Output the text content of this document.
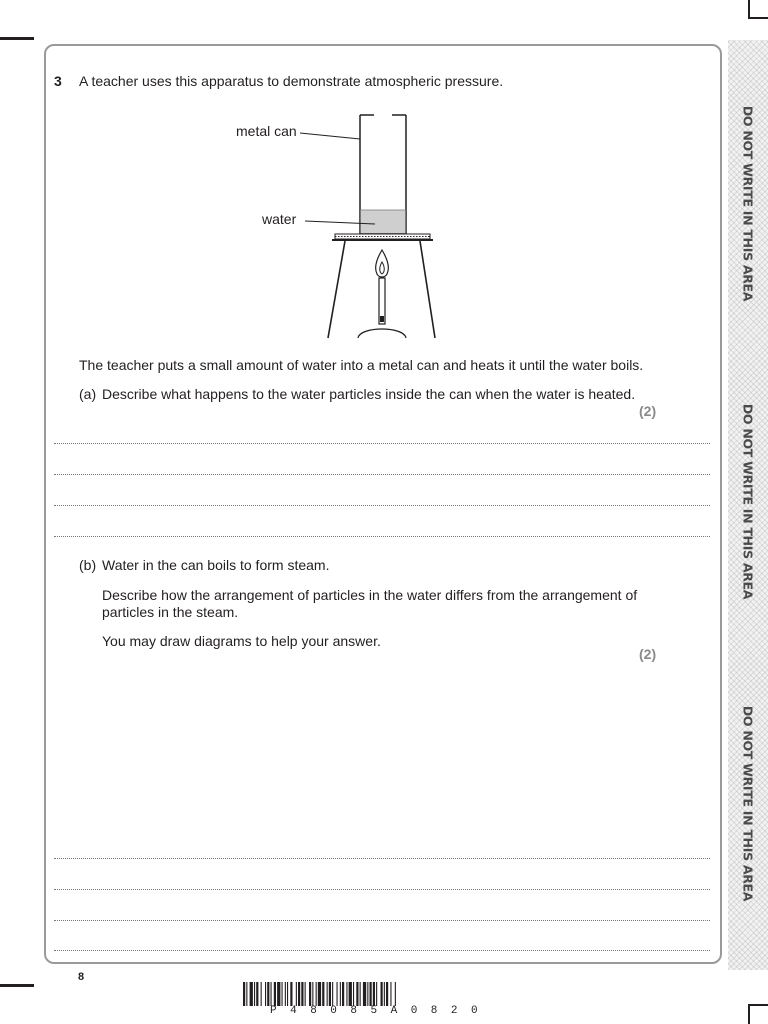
DO NOT WRITE IN THIS AREA
DO NOT WRITE IN THIS AREA
DO NOT WRITE IN THIS AREA
3 A teacher uses this apparatus to demonstrate atmospheric pressure.
metal can
water
The teacher puts a small amount of water into a metal can and heats it until the water boils.
(a) Describe what happens to the water particles inside the can when the water is heated.
(2)
(b) Water in the can boils to form steam.
Describe how the arrangement of particles in the water differs from the arrangement of particles in the steam.
You may draw diagrams to help your answer.
(2)
8
P48085A0820
